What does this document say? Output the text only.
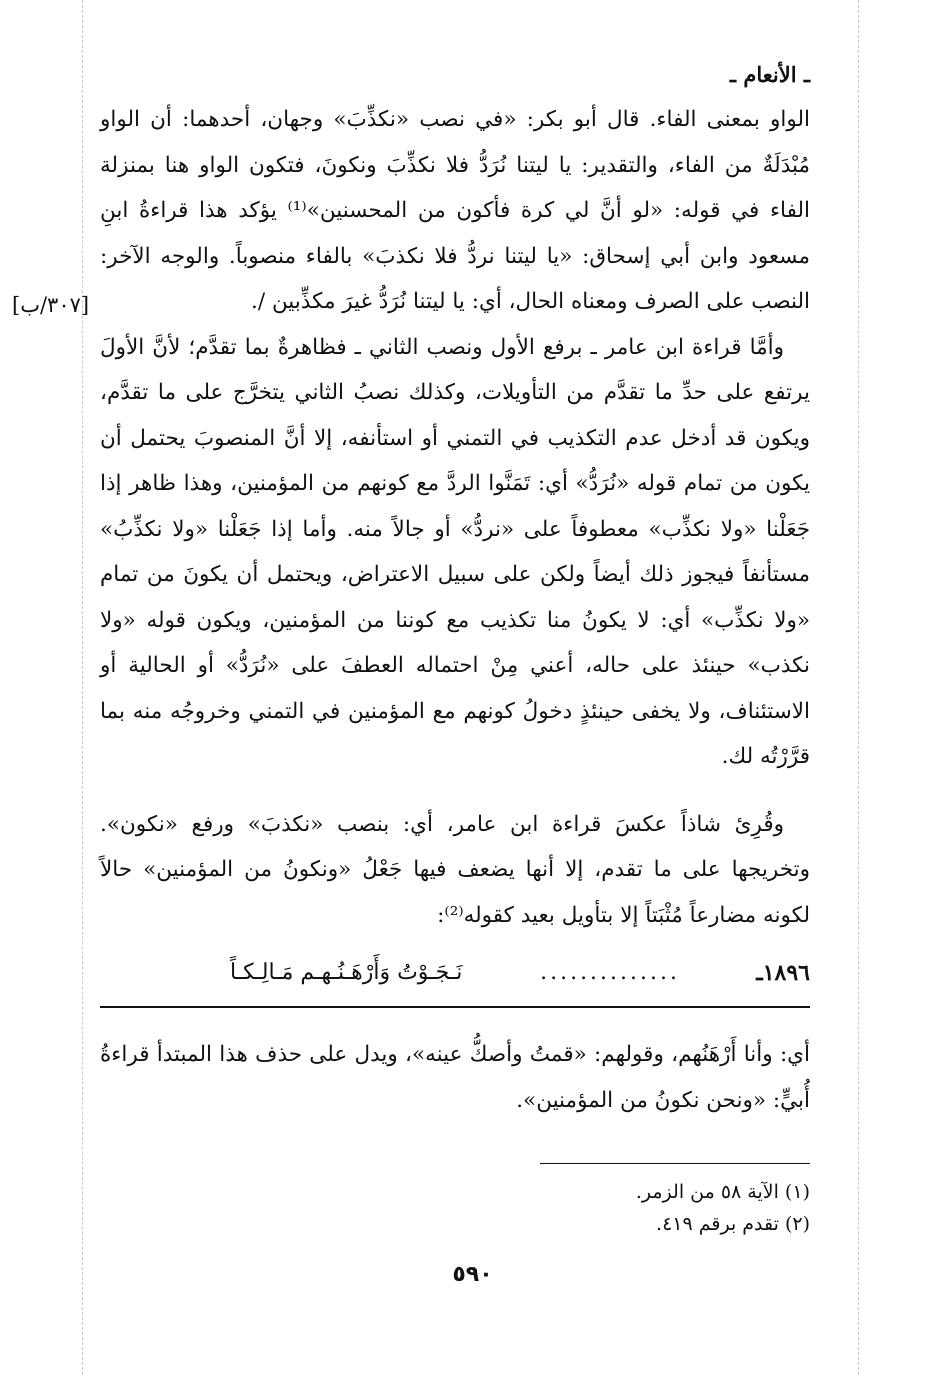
ـ الأنعام ـ
[٣٠٧/ب]

الواو بمعنى الفاء. قال أبو بكر: «في نصب «نكذِّبَ» وجهان، أحدهما: أن الواو مُبْدَلَةٌ من الفاء، والتقدير: يا ليتنا نُرَدُّ فلا نكذِّبَ ونكونَ، فتكون الواو هنا بمنزلة الفاء في قوله: «لو أنَّ لي كرة فأكون من المحسنين»⁽¹⁾ يؤكد هذا قراءةُ ابنِ مسعود وابن أبي إسحاق: «يا ليتنا نردُّ فلا نكذبَ» بالفاء منصوباً. والوجه الآخر: النصب على الصرف ومعناه الحال، أي: يا ليتنا نُرَدُّ غيرَ مكذِّبين /.

وأمَّا قراءة ابن عامر ـ برفع الأول ونصب الثاني ـ فظاهرةٌ بما تقدَّم؛ لأنَّ الأولَ يرتفع على حدِّ ما تقدَّم من التأويلات، وكذلك نصبُ الثاني يتخرَّج على ما تقدَّم، ويكون قد أدخل عدم التكذيب في التمني أو استأنفه، إلا أنَّ المنصوبَ يحتمل أن يكون من تمام قوله «نُرَدُّ» أي: تَمَنَّوا الردَّ مع كونهم من المؤمنين، وهذا ظاهر إذا جَعَلْنا «ولا نكذِّب» معطوفاً على «نردُّ» أو جالاً منه. وأما إذا جَعَلْنا «ولا نكذِّبُ» مستأنفاً فيجوز ذلك أيضاً ولكن على سبيل الاعتراض، ويحتمل أن يكونَ من تمام «ولا نكذِّب» أي: لا يكونُ منا تكذيب مع كوننا من المؤمنين، ويكون قوله «ولا نكذب» حينئذ على حاله، أعني مِنْ احتماله العطفَ على «نُرَدُّ» أو الحالية أو الاستئناف، ولا يخفى حينئذٍ دخولُ كونهم مع المؤمنين في التمني وخروجُه منه بما قرَّرْتُه لك.

وقُرِئ شاذاً عكسَ قراءة ابن عامر، أي: بنصب «نكذبَ» ورفع «نكون». وتخريجها على ما تقدم، إلا أنها يضعف فيها جَعْلُ «ونكونُ من المؤمنين» حالاً لكونه مضارعاً مُثْبَتاً إلا بتأويل بعيد كقوله⁽²⁾:

١٨٩٦ـ
..............
نَـجَـوْتُ وَأَرْهَـنُـهـم مَـالِـكـاً

أي: وأنا أَرْهَنُهم، وقولهم: «قمتُ وأصكُّ عينه»، ويدل على حذف هذا المبتدأ قراءةُ أُبيٍّ: «ونحن نكونُ من المؤمنين».

(١) الآية ٥٨ من الزمر.

(٢) تقدم برقم ٤١٩.

٥٩٠
